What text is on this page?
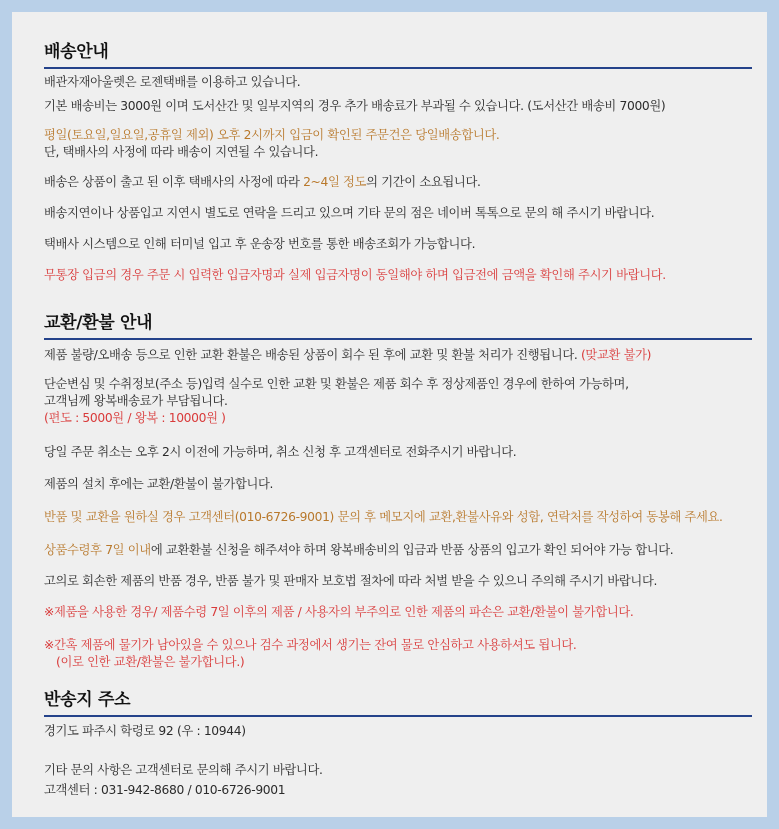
배송안내

배관자재아울렛은 로젠택배를 이용하고 있습니다.

기본 배송비는 3000원 이며 도서산간 및 일부지역의 경우 추가 배송료가 부과될 수 있습니다. (도서산간 배송비 7000원)

평일(토요일,일요일,공휴일 제외) 오후 2시까지 입금이 확인된 주문건은 당일배송합니다.

단, 택배사의 사정에 따라 배송이 지연될 수 있습니다.

배송은 상품이 출고 된 이후 택배사의 사정에 따라 2~4일 정도의 기간이 소요됩니다.

배송지연이나 상품입고 지연시 별도로 연락을 드리고 있으며 기타 문의 점은 네이버 톡톡으로 문의 해 주시기 바랍니다.

택배사 시스템으로 인해 터미널 입고 후 운송장 번호를 통한 배송조회가 가능합니다.

무통장 입금의 경우 주문 시 입력한 입금자명과 실제 입금자명이 동일해야 하며 입금전에 금액을 확인해 주시기 바랍니다.

교환/환불 안내

제품 불량/오배송 등으로 인한 교환 환불은 배송된 상품이 회수 된 후에 교환 및 환불 처리가 진행됩니다. (맞교환 불가)

단순변심 및 수취정보(주소 등)입력 실수로 인한 교환 및 환불은 제품 회수 후 정상제품인 경우에 한하여 가능하며,

고객님께 왕복배송료가 부담됩니다.

(편도 : 5000원 / 왕복 : 10000원 )

당일 주문 취소는 오후 2시 이전에 가능하며, 취소 신청 후 고객센터로 전화주시기 바랍니다.

제품의 설치 후에는 교환/환불이 불가합니다.

반품 및 교환을 원하실 경우 고객센터(010-6726-9001) 문의 후 메모지에 교환,환불사유와 성함, 연락처를 작성하여 동봉해 주세요.

상품수령후 7일 이내에 교환환불 신청을 해주셔야 하며 왕복배송비의 입금과 반품 상품의 입고가 확인 되어야 가능 합니다.

고의로 회손한 제품의 반품 경우, 반품 불가 및 판매자 보호법 절차에 따라 처벌 받을 수 있으니 주의해 주시기 바랍니다.

※제품을 사용한 경우/ 제품수령 7일 이후의 제품 / 사용자의 부주의로 인한 제품의 파손은 교환/환불이 불가합니다.

※간혹 제품에 물기가 남아있을 수 있으나 검수 과정에서 생기는 잔여 물로 안심하고 사용하셔도 됩니다.

(이로 인한 교환/환불은 불가합니다.)

반송지 주소

경기도 파주시 학령로 92 (우 : 10944)

기타 문의 사항은 고객센터로 문의해 주시기 바랍니다.

고객센터 : 031-942-8680 / 010-6726-9001
